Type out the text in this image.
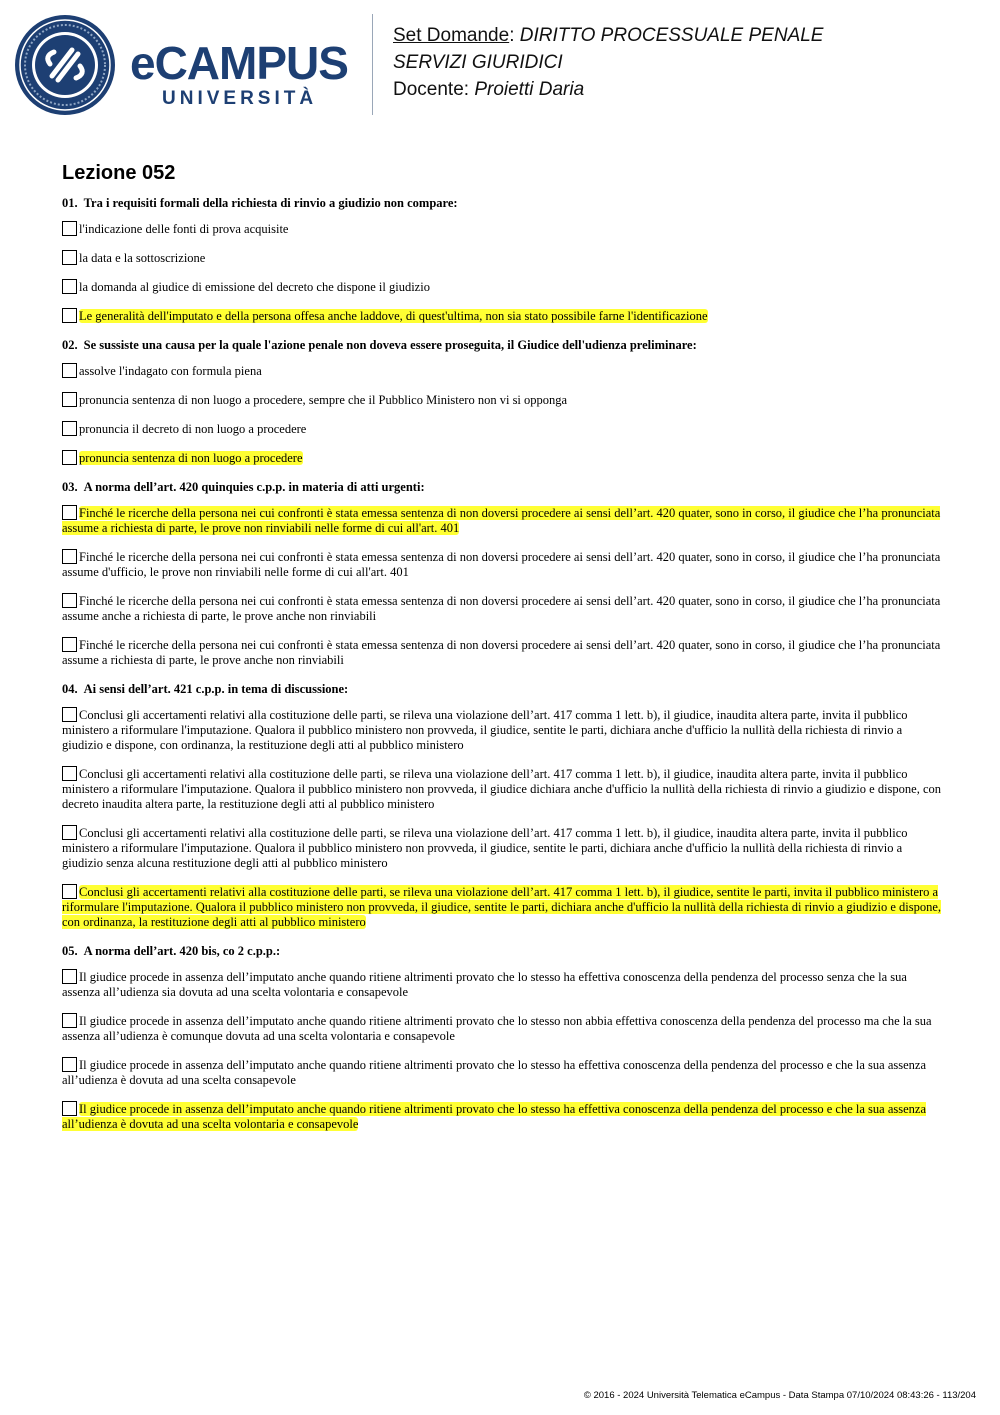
eCAMPUS
UNIVERSITÀ
Set Domande: DIRITTO PROCESSUALE PENALE
SERVIZI GIURIDICI
Docente: Proietti Daria
Lezione 052

01. Tra i requisiti formali della richiesta di rinvio a giudizio non compare:

l'indicazione delle fonti di prova acquisite

la data e la sottoscrizione

la domanda al giudice di emissione del decreto che dispone il giudizio

Le generalità dell'imputato e della persona offesa anche laddove, di quest'ultima, non sia stato possibile farne l'identificazione

02. Se sussiste una causa per la quale l'azione penale non doveva essere proseguita, il Giudice dell'udienza preliminare:

assolve l'indagato con formula piena

pronuncia sentenza di non luogo a procedere, sempre che il Pubblico Ministero non vi si opponga

pronuncia il decreto di non luogo a procedere

pronuncia sentenza di non luogo a procedere

03. A norma dell’art. 420 quinquies c.p.p. in materia di atti urgenti:

Finché le ricerche della persona nei cui confronti è stata emessa sentenza di non doversi procedere ai sensi dell’art. 420 quater, sono in corso, il giudice che l’ha pronunciata assume a richiesta di parte, le prove non rinviabili nelle forme di cui all'art. 401

Finché le ricerche della persona nei cui confronti è stata emessa sentenza di non doversi procedere ai sensi dell’art. 420 quater, sono in corso, il giudice che l’ha pronunciata assume d'ufficio, le prove non rinviabili nelle forme di cui all'art. 401

Finché le ricerche della persona nei cui confronti è stata emessa sentenza di non doversi procedere ai sensi dell’art. 420 quater, sono in corso, il giudice che l’ha pronunciata assume anche a richiesta di parte, le prove anche non rinviabili

Finché le ricerche della persona nei cui confronti è stata emessa sentenza di non doversi procedere ai sensi dell’art. 420 quater, sono in corso, il giudice che l’ha pronunciata assume a richiesta di parte, le prove anche non rinviabili

04. Ai sensi dell’art. 421 c.p.p. in tema di discussione:

Conclusi gli accertamenti relativi alla costituzione delle parti, se rileva una violazione dell’art. 417 comma 1 lett. b), il giudice, inaudita altera parte, invita il pubblico ministero a riformulare l'imputazione. Qualora il pubblico ministero non provveda, il giudice, sentite le parti, dichiara anche d'ufficio la nullità della richiesta di rinvio a giudizio e dispone, con ordinanza, la restituzione degli atti al pubblico ministero

Conclusi gli accertamenti relativi alla costituzione delle parti, se rileva una violazione dell’art. 417 comma 1 lett. b), il giudice, inaudita altera parte, invita il pubblico ministero a riformulare l'imputazione. Qualora il pubblico ministero non provveda, il giudice dichiara anche d'ufficio la nullità della richiesta di rinvio a giudizio e dispone, con decreto inaudita altera parte, la restituzione degli atti al pubblico ministero

Conclusi gli accertamenti relativi alla costituzione delle parti, se rileva una violazione dell’art. 417 comma 1 lett. b), il giudice, inaudita altera parte, invita il pubblico ministero a riformulare l'imputazione. Qualora il pubblico ministero non provveda, il giudice, sentite le parti, dichiara anche d'ufficio la nullità della richiesta di rinvio a giudizio senza alcuna restituzione degli atti al pubblico ministero

Conclusi gli accertamenti relativi alla costituzione delle parti, se rileva una violazione dell’art. 417 comma 1 lett. b), il giudice, sentite le parti, invita il pubblico ministero a riformulare l'imputazione. Qualora il pubblico ministero non provveda, il giudice, sentite le parti, dichiara anche d'ufficio la nullità della richiesta di rinvio a giudizio e dispone, con ordinanza, la restituzione degli atti al pubblico ministero

05. A norma dell’art. 420 bis, co 2 c.p.p.:

Il giudice procede in assenza dell’imputato anche quando ritiene altrimenti provato che lo stesso ha effettiva conoscenza della pendenza del processo senza che la sua assenza all’udienza sia dovuta ad una scelta volontaria e consapevole

Il giudice procede in assenza dell’imputato anche quando ritiene altrimenti provato che lo stesso non abbia effettiva conoscenza della pendenza del processo ma che la sua assenza all’udienza è comunque dovuta ad una scelta volontaria e consapevole

Il giudice procede in assenza dell’imputato anche quando ritiene altrimenti provato che lo stesso ha effettiva conoscenza della pendenza del processo e che la sua assenza all’udienza è dovuta ad una scelta consapevole

Il giudice procede in assenza dell’imputato anche quando ritiene altrimenti provato che lo stesso ha effettiva conoscenza della pendenza del processo e che la sua assenza all’udienza è dovuta ad una scelta volontaria e consapevole

© 2016 - 2024 Università Telematica eCampus - Data Stampa 07/10/2024 08:43:26 - 113/204
